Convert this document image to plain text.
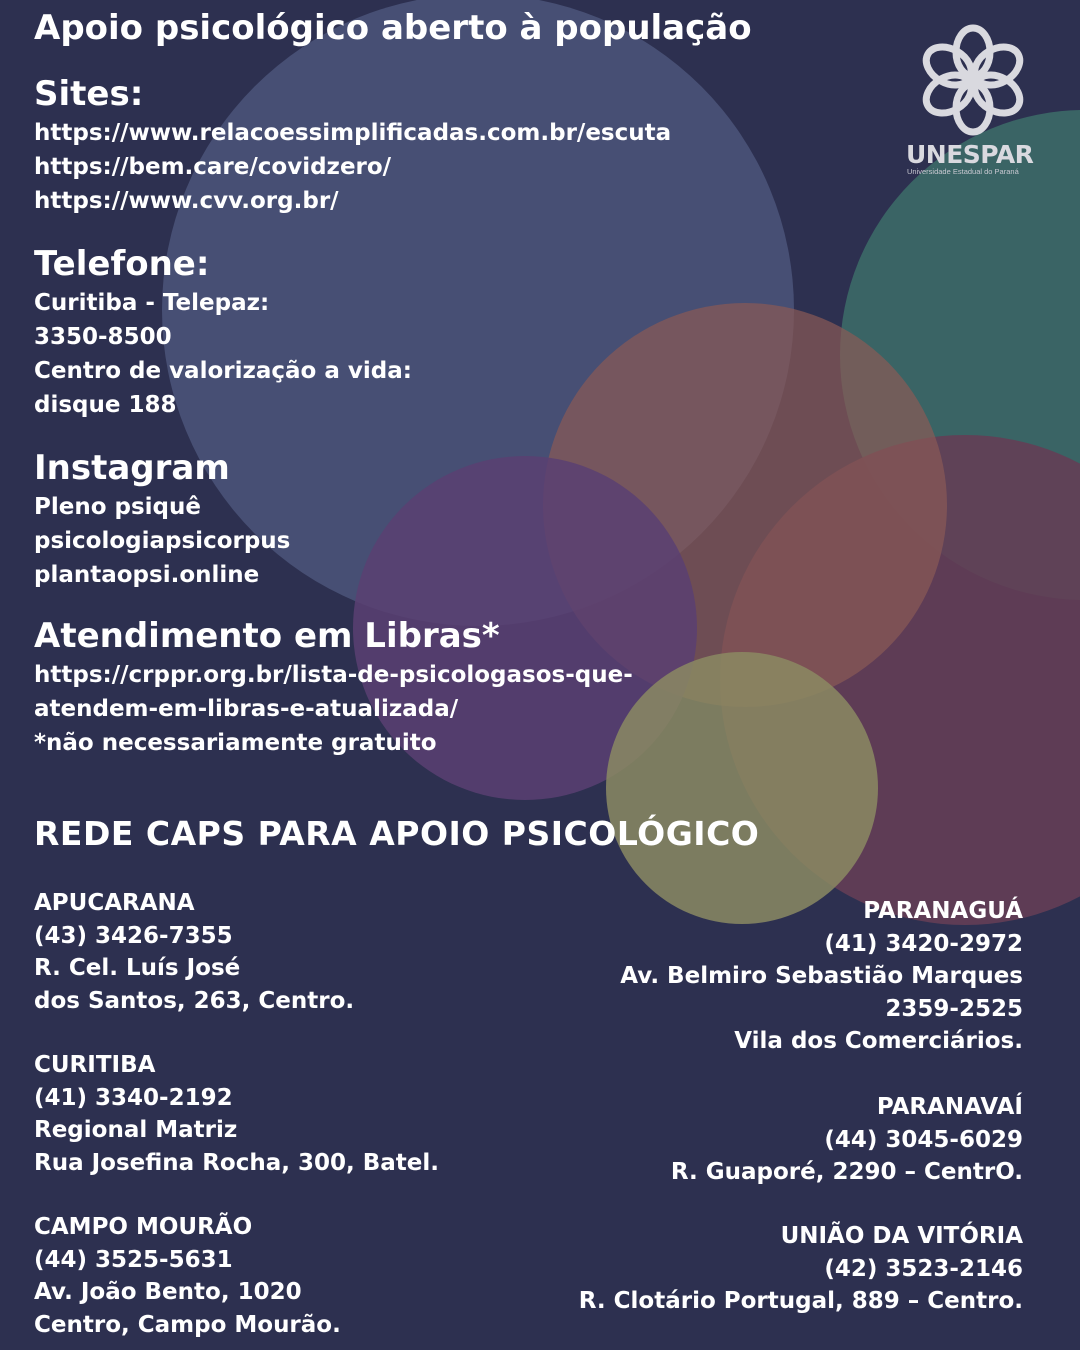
UNESPAR
Universidade Estadual do Paraná
Apoio psicológico aberto à população
Sites:
https://www.relacoessimplificadas.com.br/escuta
https://bem.care/covidzero/
https://www.cvv.org.br/
Telefone:
Curitiba - Telepaz:
3350-8500
Centro de valorização a vida:
disque 188
Instagram
Pleno psiquê
psicologiapsicorpus
plantaopsi.online
Atendimento em Libras*
https://crppr.org.br/lista-de-psicologasos-que-
atendem-em-libras-e-atualizada/
*não necessariamente gratuito
REDE CAPS PARA APOIO PSICOLÓGICO
APUCARANA
(43) 3426-7355
R. Cel. Luís José
dos Santos, 263, Centro.
CURITIBA
(41) 3340-2192
Regional Matriz
Rua Josefina Rocha, 300, Batel.
CAMPO MOURÃO
(44) 3525-5631
Av. João Bento, 1020
Centro, Campo Mourão.
PARANAGUÁ
(41) 3420-2972
Av. Belmiro Sebastião Marques
2359-2525
Vila dos Comerciários.
PARANAVAÍ
(44) 3045-6029
R. Guaporé, 2290 – CentrO.
UNIÃO DA VITÓRIA
(42) 3523-2146
R. Clotário Portugal, 889 – Centro.
